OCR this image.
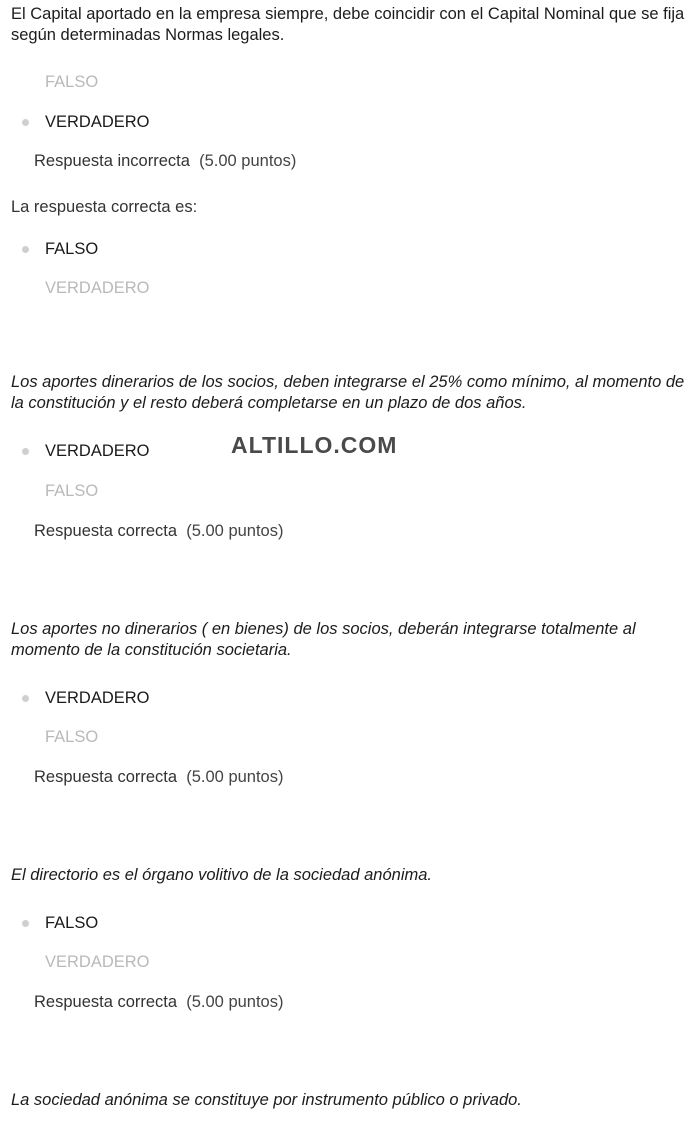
El Capital aportado en la empresa siempre, debe coincidir con el Capital Nominal que se fija según determinadas Normas legales.
FALSO
VERDADERO
Respuesta incorrecta (5.00 puntos)
La respuesta correcta es:
FALSO
VERDADERO
Los aportes dinerarios de los socios, deben integrarse el 25% como mínimo, al momento de la constitución y el resto deberá completarse en un plazo de dos años.
VERDADERO	ALTILLO.COM
FALSO
Respuesta correcta (5.00 puntos)
Los aportes no dinerarios ( en bienes) de los socios, deberán integrarse totalmente al momento de la constitución societaria.
VERDADERO
FALSO
Respuesta correcta (5.00 puntos)
El directorio es el órgano volitivo de la sociedad anónima.
FALSO
VERDADERO
Respuesta correcta (5.00 puntos)
La sociedad anónima se constituye por instrumento público o privado.
